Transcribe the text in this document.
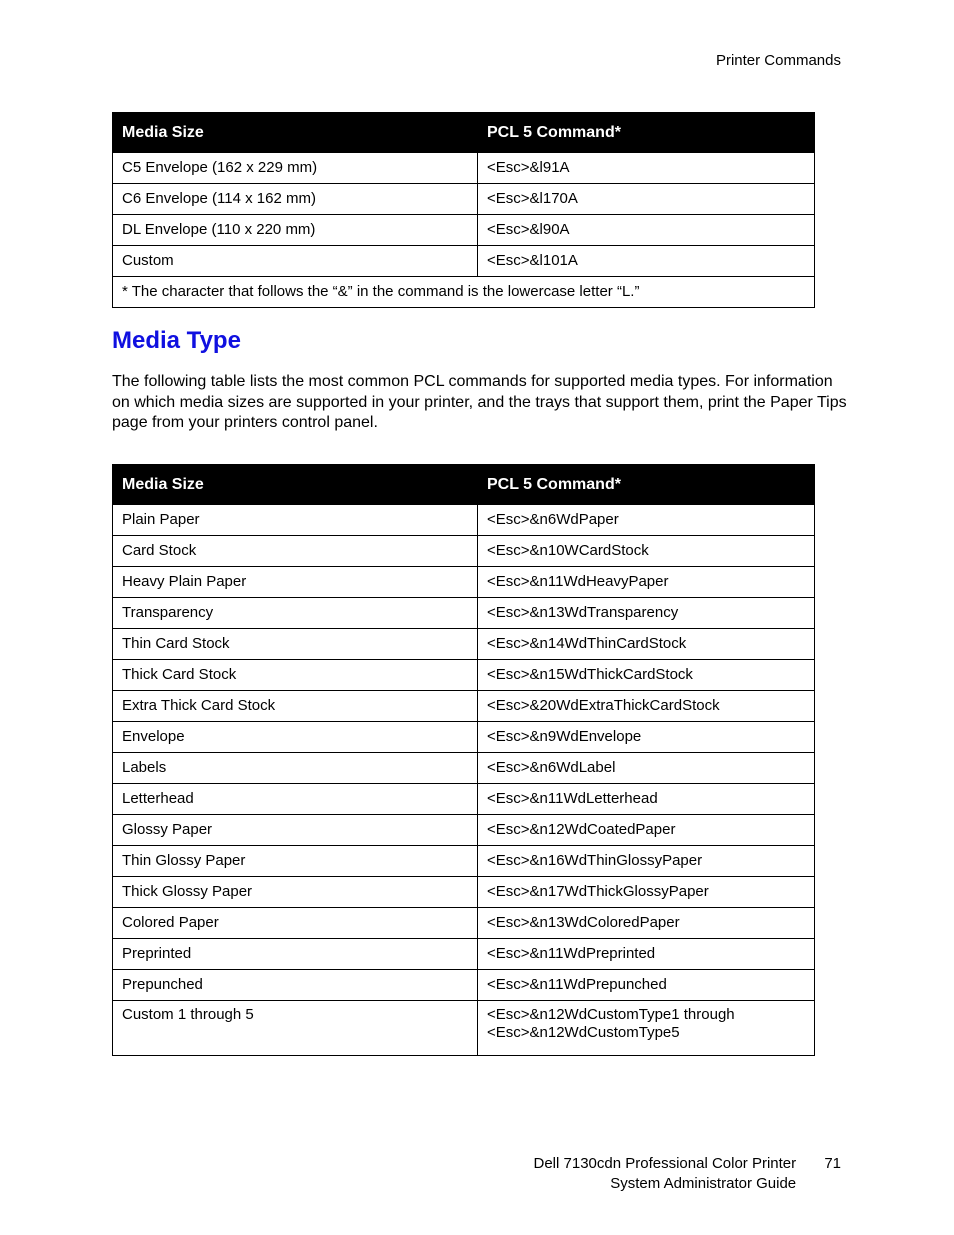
Printer Commands
Media Size	PCL 5 Command*
C5 Envelope (162 x 229 mm)	<Esc>&l91A
C6 Envelope (114 x 162 mm)	<Esc>&l170A
DL Envelope (110 x 220 mm)	<Esc>&l90A
Custom	<Esc>&l101A
* The character that follows the “&” in the command is the lowercase letter “L.”	
Media Type

The following table lists the most common PCL commands for supported media types. For information on which media sizes are supported in your printer, and the trays that support them, print the Paper Tips page from your printers control panel.

Media Size	PCL 5 Command*
Plain Paper	<Esc>&n6WdPaper
Card Stock	<Esc>&n10WCardStock
Heavy Plain Paper	<Esc>&n11WdHeavyPaper
Transparency	<Esc>&n13WdTransparency
Thin Card Stock	<Esc>&n14WdThinCardStock
Thick Card Stock	<Esc>&n15WdThickCardStock
Extra Thick Card Stock	<Esc>&20WdExtraThickCardStock
Envelope	<Esc>&n9WdEnvelope
Labels	<Esc>&n6WdLabel
Letterhead	<Esc>&n11WdLetterhead
Glossy Paper	<Esc>&n12WdCoatedPaper
Thin Glossy Paper	<Esc>&n16WdThinGlossyPaper
Thick Glossy Paper	<Esc>&n17WdThickGlossyPaper
Colored Paper	<Esc>&n13WdColoredPaper
Preprinted	<Esc>&n11WdPreprinted
Prepunched	<Esc>&n11WdPrepunched
Custom 1 through 5	<Esc>&n12WdCustomType1 through
<Esc>&n12WdCustomType5
Dell 7130cdn Professional Color Printer
System Administrator Guide
71
